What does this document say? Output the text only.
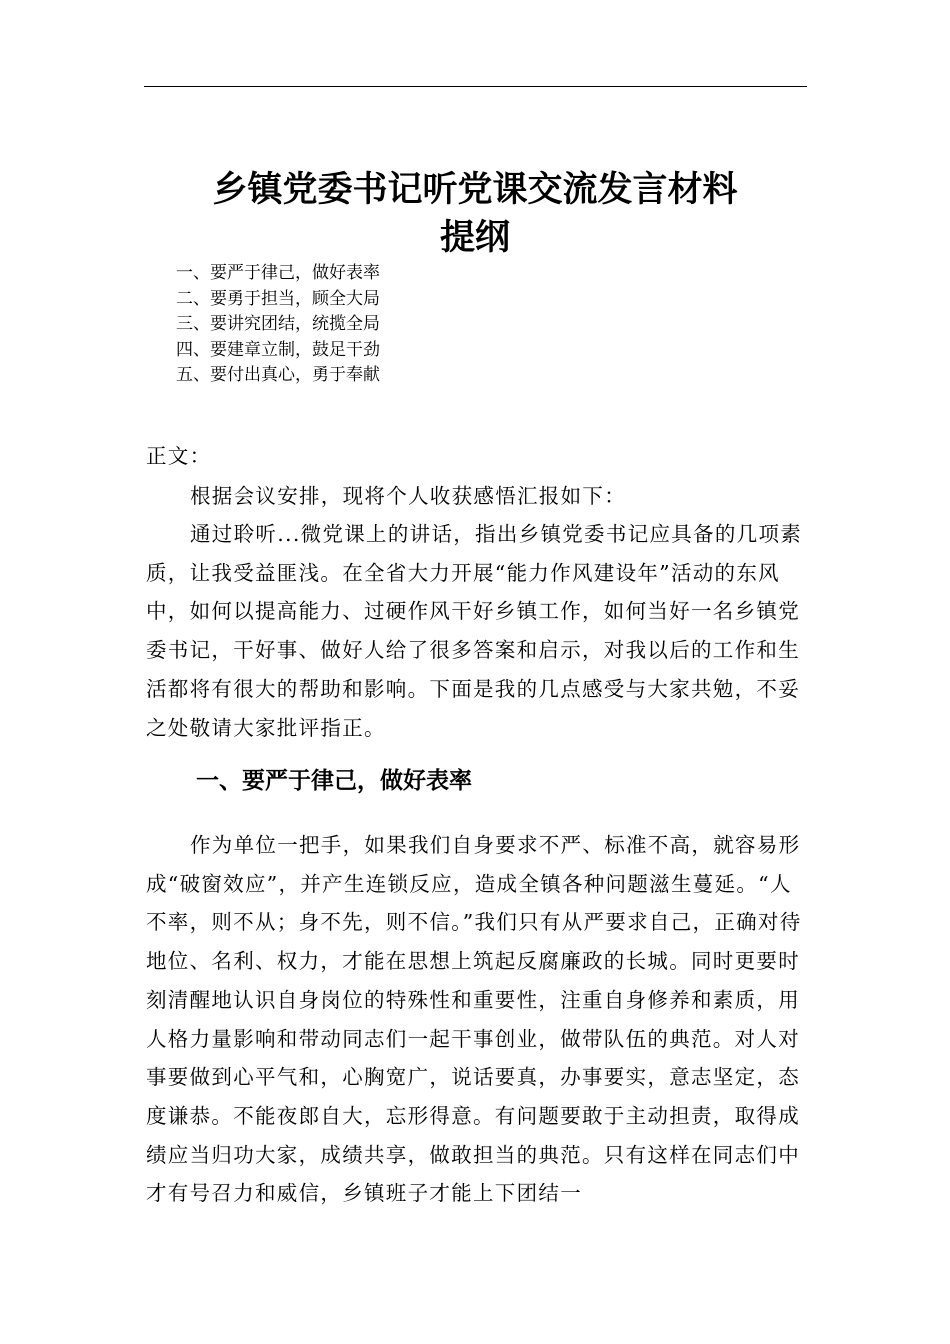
乡镇党委书记听党课交流发言材料
提纲
一、要严于律己，做好表率
二、要勇于担当，顾全大局
三、要讲究团结，统揽全局
四、要建章立制，鼓足干劲
五、要付出真心，勇于奉献
正文：

根据会议安排，现将个人收获感悟汇报如下：

通过聆听...微党课上的讲话，指出乡镇党委书记应具备的几项素质，让我受益匪浅。在全省大力开展“能力作风建设年”活动的东风中，如何以提高能力、过硬作风干好乡镇工作，如何当好一名乡镇党委书记，干好事、做好人给了很多答案和启示，对我以后的工作和生活都将有很大的帮助和影响。下面是我的几点感受与大家共勉，不妥之处敬请大家批评指正。

一、要严于律己，做好表率

作为单位一把手，如果我们自身要求不严、标准不高，就容易形成“破窗效应”，并产生连锁反应，造成全镇各种问题滋生蔓延。“人不率，则不从；身不先，则不信。”我们只有从严要求自己，正确对待地位、名利、权力，才能在思想上筑起反腐廉政的长城。同时更要时刻清醒地认识自身岗位的特殊性和重要性，注重自身修养和素质，用人格力量影响和带动同志们一起干事创业，做带队伍的典范。对人对事要做到心平气和，心胸宽广，说话要真，办事要实，意志坚定，态度谦恭。不能夜郎自大，忘形得意。有问题要敢于主动担责，取得成绩应当归功大家，成绩共享，做敢担当的典范。只有这样在同志们中才有号召力和威信，乡镇班子才能上下团结一
